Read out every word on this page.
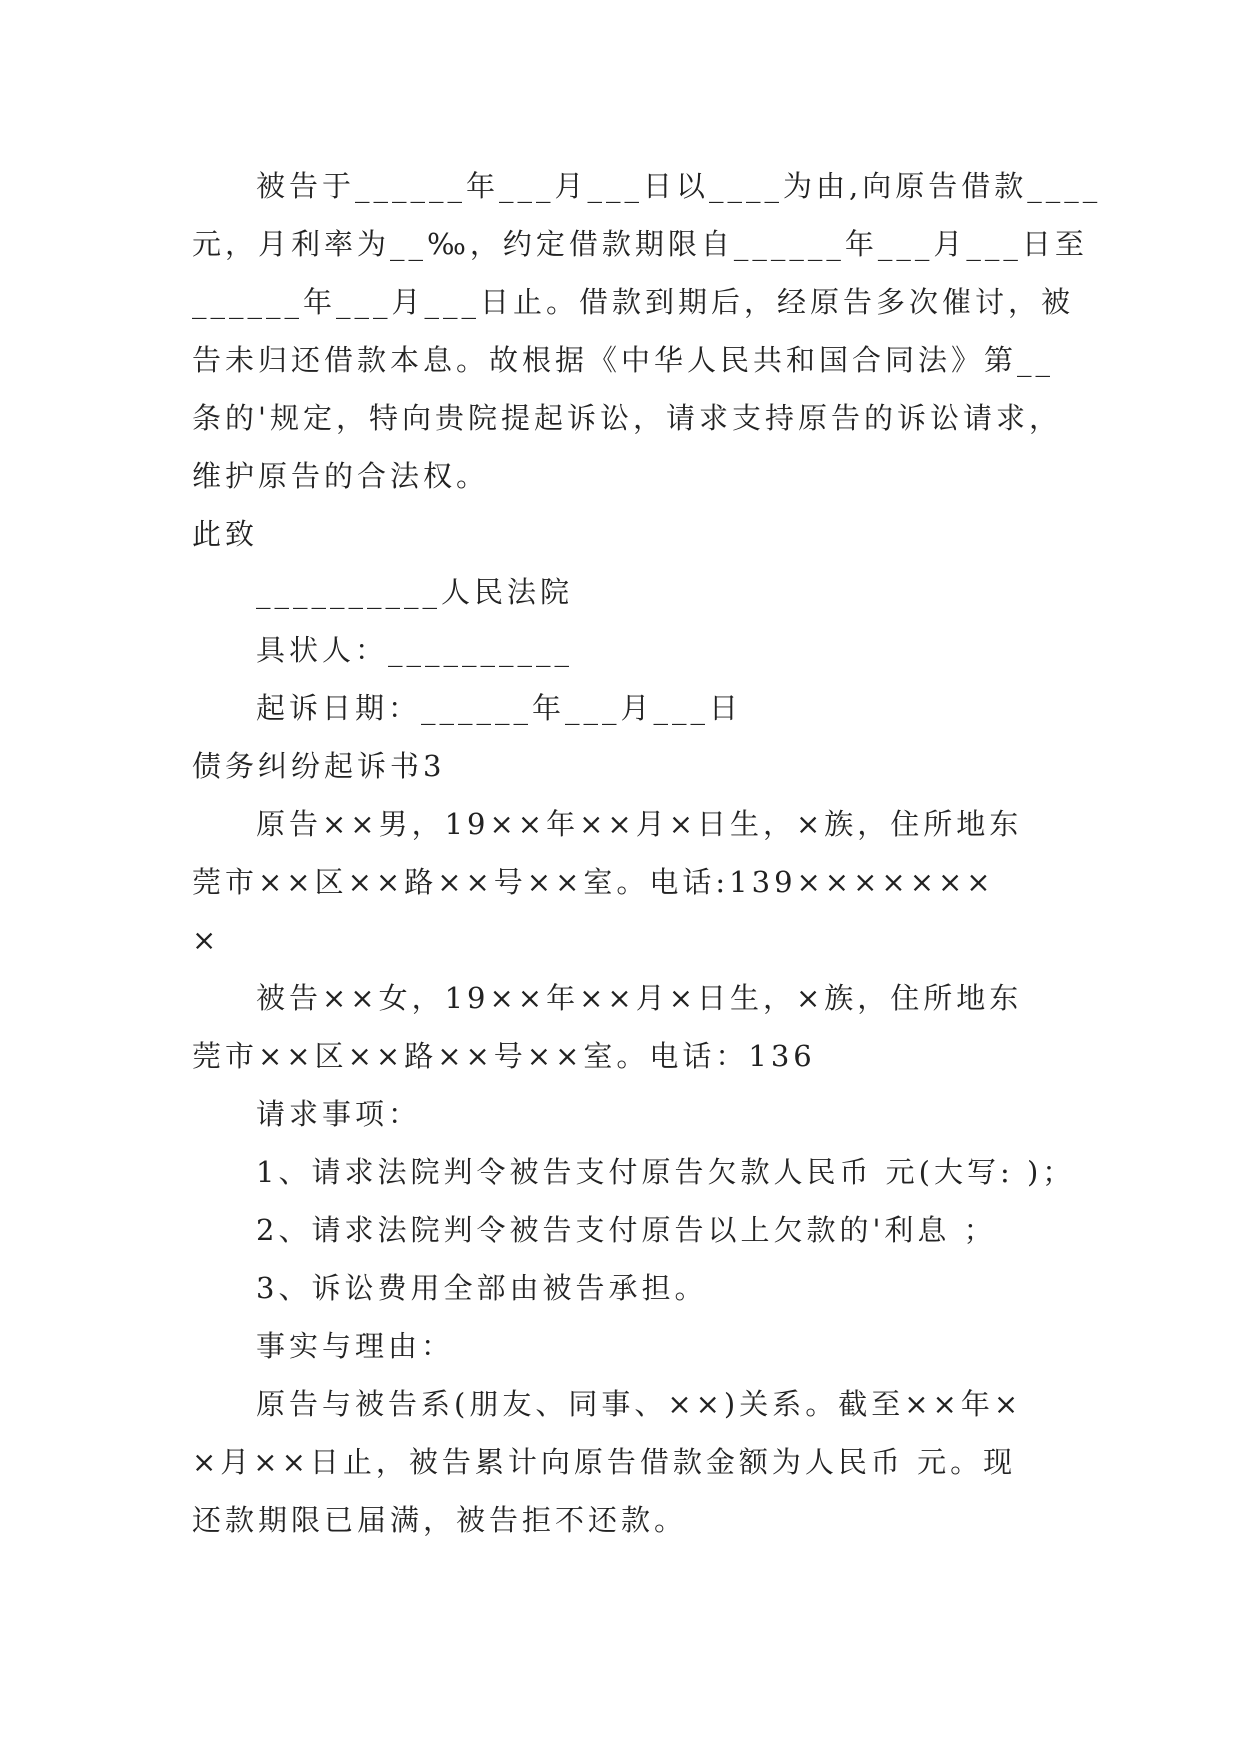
被告于______年___月___日以____为由,向原告借款____
元，月利率为__‰，约定借款期限自______年___月___日至
______年___月___日止。借款到期后，经原告多次催讨，被
告未归还借款本息。故根据《中华人民共和国合同法》第__
条的'规定，特向贵院提起诉讼，请求支持原告的诉讼请求，
维护原告的合法权。
此致
__________人民法院
具状人：__________
起诉日期：______年___月___日
债务纠纷起诉书3
原告××男，19××年××月×日生，×族，住所地东
莞市××区××路××号××室。电话:139×××××××
×
被告××女，19××年××月×日生，×族，住所地东
莞市××区××路××号××室。电话：136
请求事项：
1、请求法院判令被告支付原告欠款人民币 元(大写: )；
2、请求法院判令被告支付原告以上欠款的'利息 ；
3、诉讼费用全部由被告承担。
事实与理由：
原告与被告系(朋友、同事、××)关系。截至××年×
×月××日止，被告累计向原告借款金额为人民币 元。现
还款期限已届满，被告拒不还款。
